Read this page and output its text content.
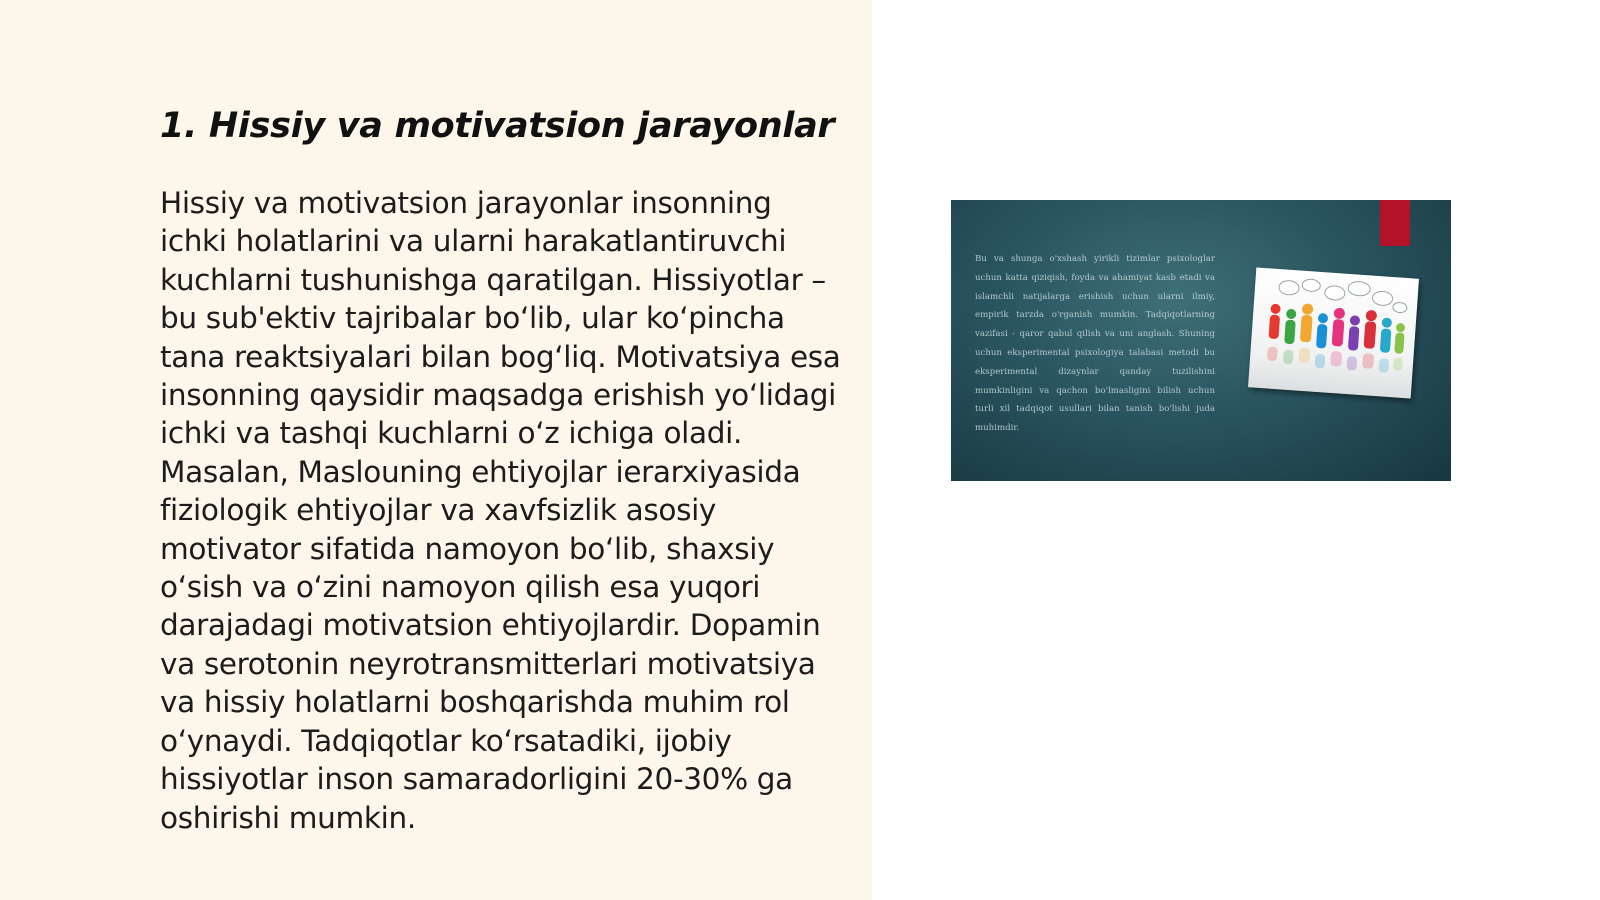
1. Hissiy va motivatsion jarayonlar

Hissiy va motivatsion jarayonlar insonning ichki holatlarini va ularni harakatlantiruvchi kuchlarni tushunishga qaratilgan. Hissiyotlar – bu sub'ektiv tajribalar bo‘lib, ular ko‘pincha tana reaktsiyalari bilan bog‘liq. Motivatsiya esa insonning qaysidir maqsadga erishish yo‘lidagi ichki va tashqi kuchlarni o‘z ichiga oladi. Masalan, Maslouning ehtiyojlar ierarxiyasida fiziologik ehtiyojlar va xavfsizlik asosiy motivator sifatida namoyon bo‘lib, shaxsiy o‘sish va o‘zini namoyon qilish esa yuqori darajadagi motivatsion ehtiyojlardir. Dopamin va serotonin neyrotransmitterlari motivatsiya va hissiy holatlarni boshqarishda muhim rol o‘ynaydi. Tadqiqotlar ko‘rsatadiki, ijobiy hissiyotlar inson samaradorligini 20-30% ga oshirishi mumkin.

Bu va shunga o'xshash yirikli tizimlar psixologlar uchun katta qiziqish, foyda va ahamiyat kasb etadi va islamchli natijalarga erishish uchun ularni ilmiy, empirik tarzda o'rganish mumkin. Tadqiqotlarning vazifasi - qaror qabul qilish va uni anglash. Shuning uchun eksperimental psixologiya talabasi metodi bu eksperimental dizaynlar qanday tuzilishini mumkinligini va qachon bo'lmasligini bilish uchun turli xil tadqiqot usullari bilan tanish bo'lishi juda muhimdir.
